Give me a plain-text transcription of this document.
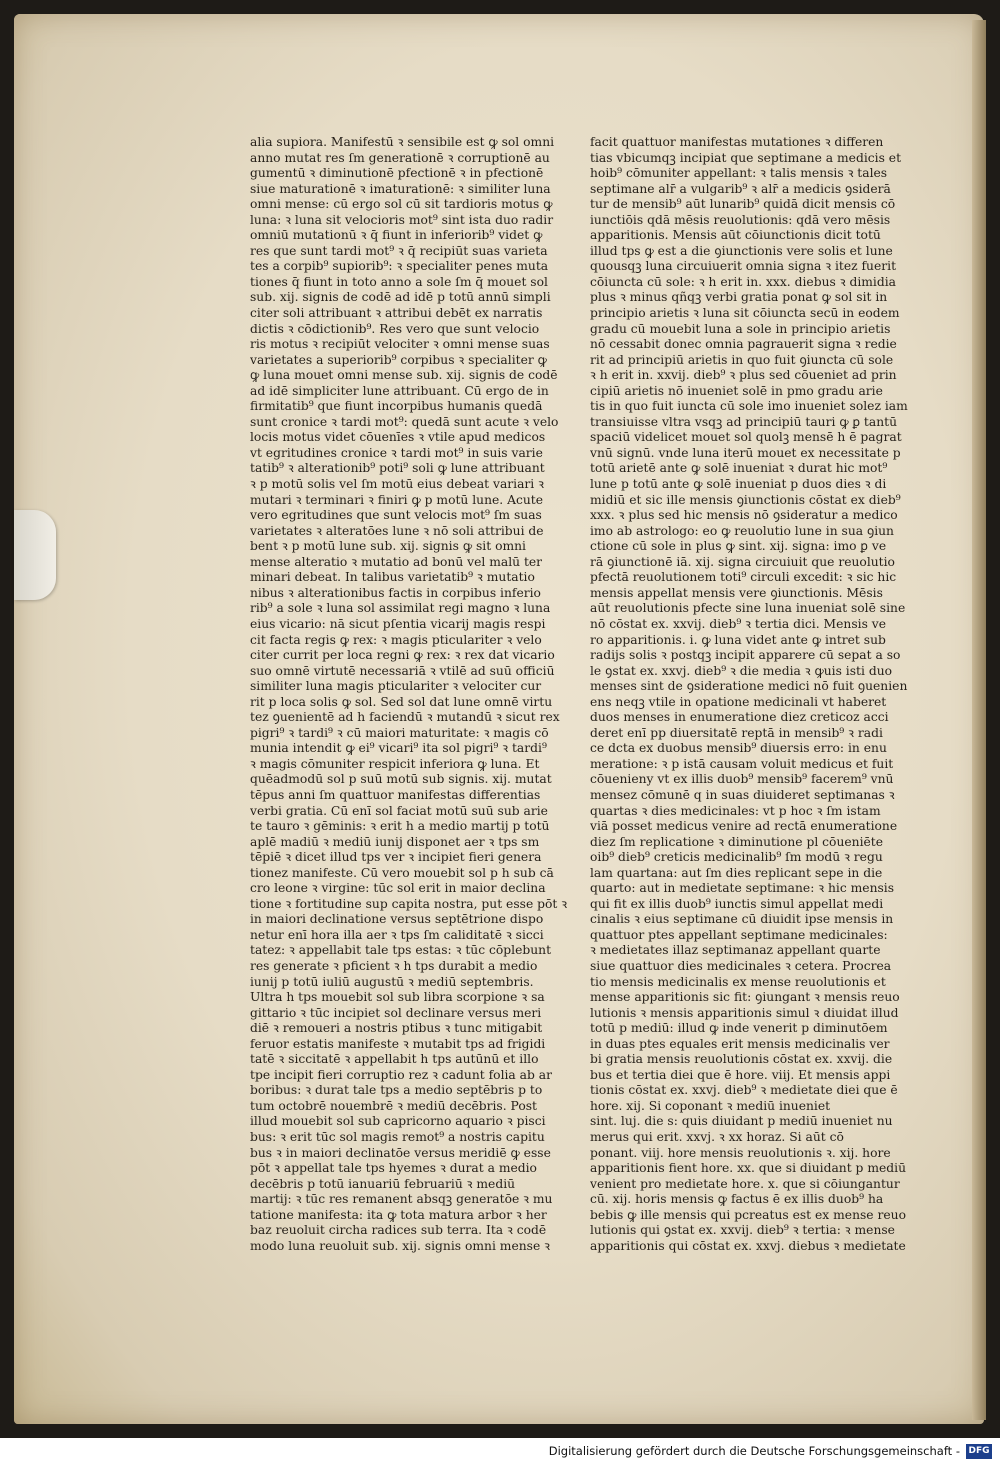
alia supiora. Manifestū ꝛ sensibile est ꝙ sol omni
anno mutat res ſm generationē ꝛ corruptionē au
gumentū ꝛ diminutionē pfectionē ꝛ in pfectionē
siue maturationē ꝛ imaturationē: ꝛ similiter luna
omni mense: cū ergo sol cū sit tardioris motus ꝙ
luna: ꝛ luna sit velocioris mot⁹ sint ista duo radir
omniū mutationū ꝛ q̄ fiunt in inferiorib⁹ videt ꝙ
res que sunt tardi mot⁹ ꝛ q̄ recipiūt suas varieta
tes a corpib⁹ supiorib⁹: ꝛ specialiter penes muta
tiones q̄ fiunt in toto anno a sole ſm q̄ mouet sol
sub. xij. signis de codē ad idē p totū annū simpli
citer soli attribuant ꝛ attribui debēt ex narratis
dictis ꝛ cōdictionib⁹. Res vero que sunt velocio
ris motus ꝛ recipiūt velociter ꝛ omni mense suas
varietates a superiorib⁹ corpibus ꝛ specialiter ꝙ
ꝙ luna mouet omni mense sub. xij. signis de codē
ad idē simpliciter lune attribuant. Cū ergo de in
firmitatib⁹ que fiunt incorpibus humanis quedā
sunt cronice ꝛ tardi mot⁹: quedā sunt acute ꝛ velo
locis motus videt cōuenīes ꝛ vtile apud medicos
vt egritudines cronice ꝛ tardi mot⁹ in suis varie
tatib⁹ ꝛ alterationib⁹ poti⁹ soli ꝙ lune attribuant
ꝛ p motū solis vel ſm motū eius debeat variari ꝛ
mutari ꝛ terminari ꝛ finiri ꝙ p motū lune. Acute
vero egritudines que sunt velocis mot⁹ ſm suas
varietates ꝛ alteratōes lune ꝛ nō soli attribui de
bent ꝛ p motū lune sub. xij. signis ꝙ sit omni
mense alteratio ꝛ mutatio ad bonū vel malū ter
minari debeat. In talibus varietatib⁹ ꝛ mutatio
nibus ꝛ alterationibus factis in corpibus inferio
rib⁹ a sole ꝛ luna sol assimilat regi magno ꝛ luna
eius vicario: nā sicut pſentia vicarij magis respi
cit facta regis ꝙ rex: ꝛ magis pticulariter ꝛ velo
citer currit per loca regni ꝙ rex: ꝛ rex dat vicario
suo omnē virtutē necessariā ꝛ vtilē ad suū officiū
similiter luna magis pticulariter ꝛ velociter cur
rit p loca solis ꝙ sol. Sed sol dat lune omnē virtu
tez ꝯuenientē ad h faciendū ꝛ mutandū ꝛ sicut rex
pigri⁹ ꝛ tardi⁹ ꝛ cū maiori maturitate: ꝛ magis cō
munia intendit ꝙ ei⁹ vicari⁹ ita sol pigri⁹ ꝛ tardi⁹
ꝛ magis cōmuniter respicit inferiora ꝙ luna. Et
quēadmodū sol p suū motū sub signis. xij. mutat
tēpus anni ſm quattuor manifestas differentias
verbi gratia. Cū enī sol faciat motū suū sub arie
te tauro ꝛ gēminis: ꝛ erit h a medio martij p totū
aplē madiū ꝛ mediū iunij disponet aer ꝛ tps sm
tēpiē ꝛ dicet illud tps ver ꝛ incipiet fieri genera
tionez manifeste. Cū vero mouebit sol p h sub cā
cro leone ꝛ virgine: tūc sol erit in maior declina
tione ꝛ fortitudine sup capita nostra, put esse pōt ꝛ
in maiori declinatione versus septētrione dispo
netur enī hora illa aer ꝛ tps ſm caliditatē ꝛ sicci
tatez: ꝛ appellabit tale tps estas: ꝛ tūc cōplebunt
res generate ꝛ pficient ꝛ h tps durabit a medio
iunij p totū iuliū augustū ꝛ mediū septembris.
Ultra h tps mouebit sol sub libra scorpione ꝛ sa
gittario ꝛ tūc incipiet sol declinare versus meri
diē ꝛ remoueri a nostris ptibus ꝛ tunc mitigabit
feruor estatis manifeste ꝛ mutabit tps ad frigidi
tatē ꝛ siccitatē ꝛ appellabit h tps autūnū et illo
tpe incipit fieri corruptio rez ꝛ cadunt folia ab ar
boribus: ꝛ durat tale tps a medio septēbris p to
tum octobrē nouembrē ꝛ mediū decēbris. Post
illud mouebit sol sub capricorno aquario ꝛ pisci
bus: ꝛ erit tūc sol magis remot⁹ a nostris capitu
bus ꝛ in maiori declinatōe versus meridiē ꝙ esse
pōt ꝛ appellat tale tps hyemes ꝛ durat a medio
decēbris p totū ianuariū februariū ꝛ mediū
martij: ꝛ tūc res remanent absqꝫ generatōe ꝛ mu
tatione manifesta: ita ꝙ tota matura arbor ꝛ her
baz reuoluit circha radices sub terra. Ita ꝛ codē
modo luna reuoluit sub. xij. signis omni mense ꝛ
facit quattuor manifestas mutationes ꝛ differen
tias vbicumqꝫ incipiat que septimane a medicis et
hoib⁹ cōmuniter appellant: ꝛ talis mensis ꝛ tales
septimane alr̄ a vulgarib⁹ ꝛ alr̄ a medicis ꝯsiderā
tur de mensib⁹ aūt lunarib⁹ quidā dicit mensis cō
iunctiōis qdā mēsis reuolutionis: qdā vero mēsis
apparitionis. Mensis aūt cōiunctionis dicit totū
illud tps ꝙ est a die ꝯiunctionis vere solis et lune
quousqꝫ luna circuiuerit omnia signa ꝛ itez fuerit
cōiuncta cū sole: ꝛ h erit in. xxx. diebus ꝛ dimidia
plus ꝛ minus qñqꝫ verbi gratia ponat ꝙ sol sit in
principio arietis ꝛ luna sit cōiuncta secū in eodem
gradu cū mouebit luna a sole in principio arietis
nō cessabit donec omnia pagrauerit signa ꝛ redie
rit ad principiū arietis in quo fuit ꝯiuncta cū sole
ꝛ h erit in. xxvij. dieb⁹ ꝛ plus sed cōueniet ad prin
cipiū arietis nō inueniet solē in pmo gradu arie
tis in quo fuit iuncta cū sole imo inueniet solez iam
transiuisse vltra vsqꝫ ad principiū tauri ꝙ ꝑ tantū
spaciū videlicet mouet sol quolꝫ mensē h ē pagrat
vnū signū. vnde luna iterū mouet ex necessitate p
totū arietē ante ꝙ solē inueniat ꝛ durat hic mot⁹
lune p totū ante ꝙ solē inueniat p duos dies ꝛ di
midiū et sic ille mensis ꝯiunctionis cōstat ex dieb⁹
xxx. ꝛ plus sed hic mensis nō ꝯsideratur a medico
imo ab astrologo: eo ꝙ reuolutio lune in sua ꝯiun
ctione cū sole in plus ꝙ sint. xij. signa: imo ꝑ ve
rā ꝯiunctionē iā. xij. signa circuiuit que reuolutio
pfectā reuolutionem toti⁹ circuli excedit: ꝛ sic hic
mensis appellat mensis vere ꝯiunctionis. Mēsis
aūt reuolutionis pfecte sine luna inueniat solē sine
nō cōstat ex. xxvij. dieb⁹ ꝛ tertia dici. Mensis ve
ro apparitionis. i. ꝙ luna videt ante ꝙ intret sub
radijs solis ꝛ postqꝫ incipit apparere cū sepat a so
le ꝯstat ex. xxvj. dieb⁹ ꝛ die media ꝛ ꝙuis isti duo
menses sint de ꝯsideratione medici nō fuit ꝯuenien
ens neqꝫ vtile in opatione medicinali vt haberet
duos menses in enumeratione diez creticoz acci
deret enī pp diuersitatē reptā in mensib⁹ ꝛ radi
ce dcta ex duobus mensib⁹ diuersis erro: in enu
meratione: ꝛ p istā causam voluit medicus et fuit
cōuenieny vt ex illis duob⁹ mensib⁹ facerem⁹ vnū
mensez cōmunē q in suas diuideret septimanas ꝛ
quartas ꝛ dies medicinales: vt p hoc ꝛ ſm istam
viā posset medicus venire ad rectā enumeratione
diez ſm replicatione ꝛ diminutione pl cōueniēte
oib⁹ dieb⁹ creticis medicinalib⁹ ſm modū ꝛ regu
lam quartana: aut ſm dies replicant sepe in die
quarto: aut in medietate septimane: ꝛ hic mensis
qui fit ex illis duob⁹ iunctis simul appellat medi
cinalis ꝛ eius septimane cū diuidit ipse mensis in
quattuor ptes appellant septimane medicinales:
ꝛ medietates illaz septimanaz appellant quarte
siue quattuor dies medicinales ꝛ cetera. Procrea
tio mensis medicinalis ex mense reuolutionis et
mense apparitionis sic fit: ꝯiungant ꝛ mensis reuo
lutionis ꝛ mensis apparitionis simul ꝛ diuidat illud
totū p mediū: illud ꝙ inde venerit p diminutōem
in duas ptes equales erit mensis medicinalis ver
bi gratia mensis reuolutionis cōstat ex. xxvij. die
bus et tertia diei que ē hore. viij. Et mensis appi
tionis cōstat ex. xxvj. dieb⁹ ꝛ medietate diei que ē
hore. xij. Si coponant ꝛ mediū inueniet
sint. luj. die s: quis diuidant p mediū inueniet nu
merus qui erit. xxvj. ꝛ xx horaz. Si aūt cō
ponant. viij. hore mensis reuolutionis ꝛ. xij. hore
apparitionis fient hore. xx. que si diuidant p mediū
venient pro medietate hore. x. que si cōiungantur
cū. xij. horis mensis ꝙ factus ē ex illis duob⁹ ha
bebis ꝙ ille mensis qui pcreatus est ex mense reuo
lutionis qui ꝯstat ex. xxvij. dieb⁹ ꝛ tertia: ꝛ mense
apparitionis qui cōstat ex. xxvj. diebus ꝛ medietate
Digitalisierung gefördert durch die Deutsche Forschungsgemeinschaft - DFG
